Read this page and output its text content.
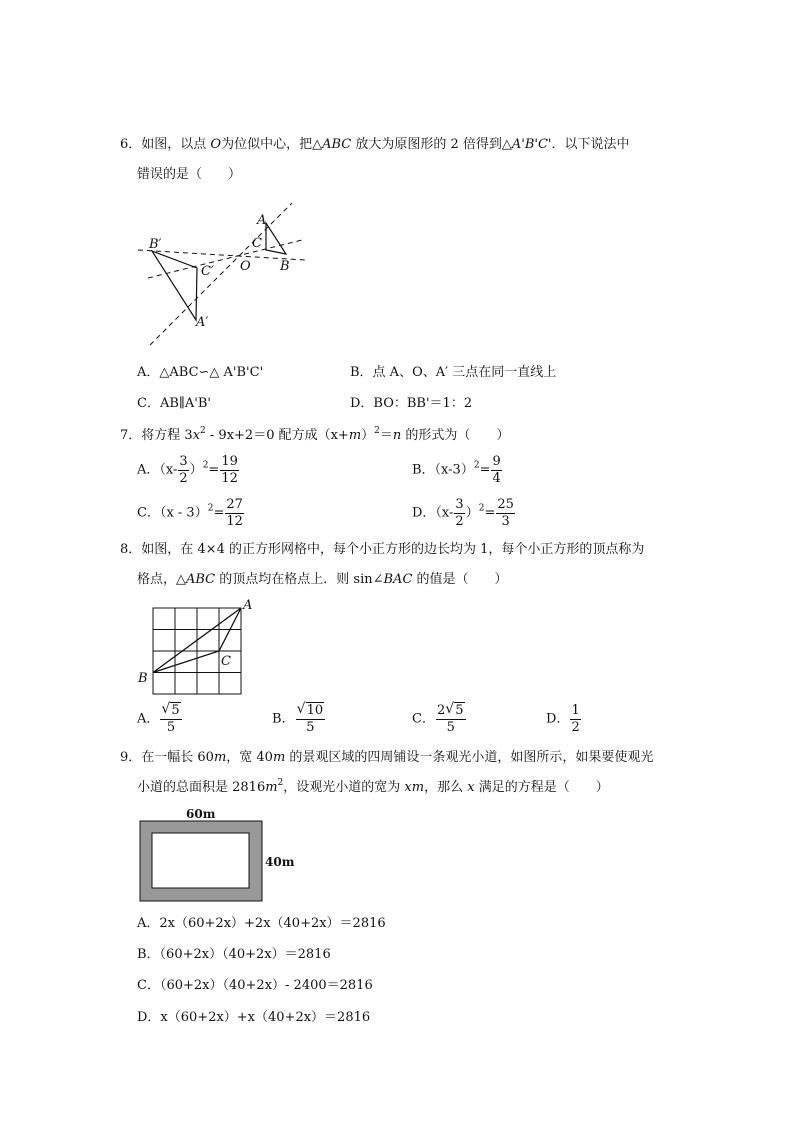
6．如图，以点 O为位似中心，把△ABC 放大为原图形的 2 倍得到△A'B'C'．以下说法中
错误的是（　　）
A
C
O B
B′
C′
A′
A．△ABC∽△ A'B'C'	B．点 A、O、A′ 三点在同一直线上
C．AB∥A'B'	D．BO：BB'＝1：2
7．将方程 $3x^2 - 9x+2=0$ 配方成$(x+m)^2=n$ 的形式为（　　）
A．$(x- \frac{3}{2} )^2= \frac{19}{12}$	B．$(x-3)^2= \frac{9}{4}$
C．$(x - 3)^2= \frac{27}{12}$	D．$(x- \frac{3}{2} )^2= \frac{25}{3}$
8．如图，在 4×4 的正方形网格中，每个小正方形的边长均为 1，每个小正方形的顶点称为
格点，△ABC 的顶点均在格点上．则 sin∠BAC 的值是（　　）
A
B
C
A． $\frac{√ 5}{5}$	B． $\frac{√ 10}{5}$	C． $\frac{2 √ 5}{5}$	D． $\frac{1}{2}$
9．在一幅长 60m，宽 40m 的景观区域的四周铺设一条观光小道，如图所示，如果要使观光
小道的总面积是 $2816m^2$，设观光小道的宽为 xm，那么 x 满足的方程是（　　）
60m
40m
A．2x（60+2x）+2x（40+2x）＝2816
B．（60+2x）（40+2x）＝2816
C．（60+2x）（40+2x）- 2400＝2816
D．x（60+2x）+x（40+2x）＝2816
